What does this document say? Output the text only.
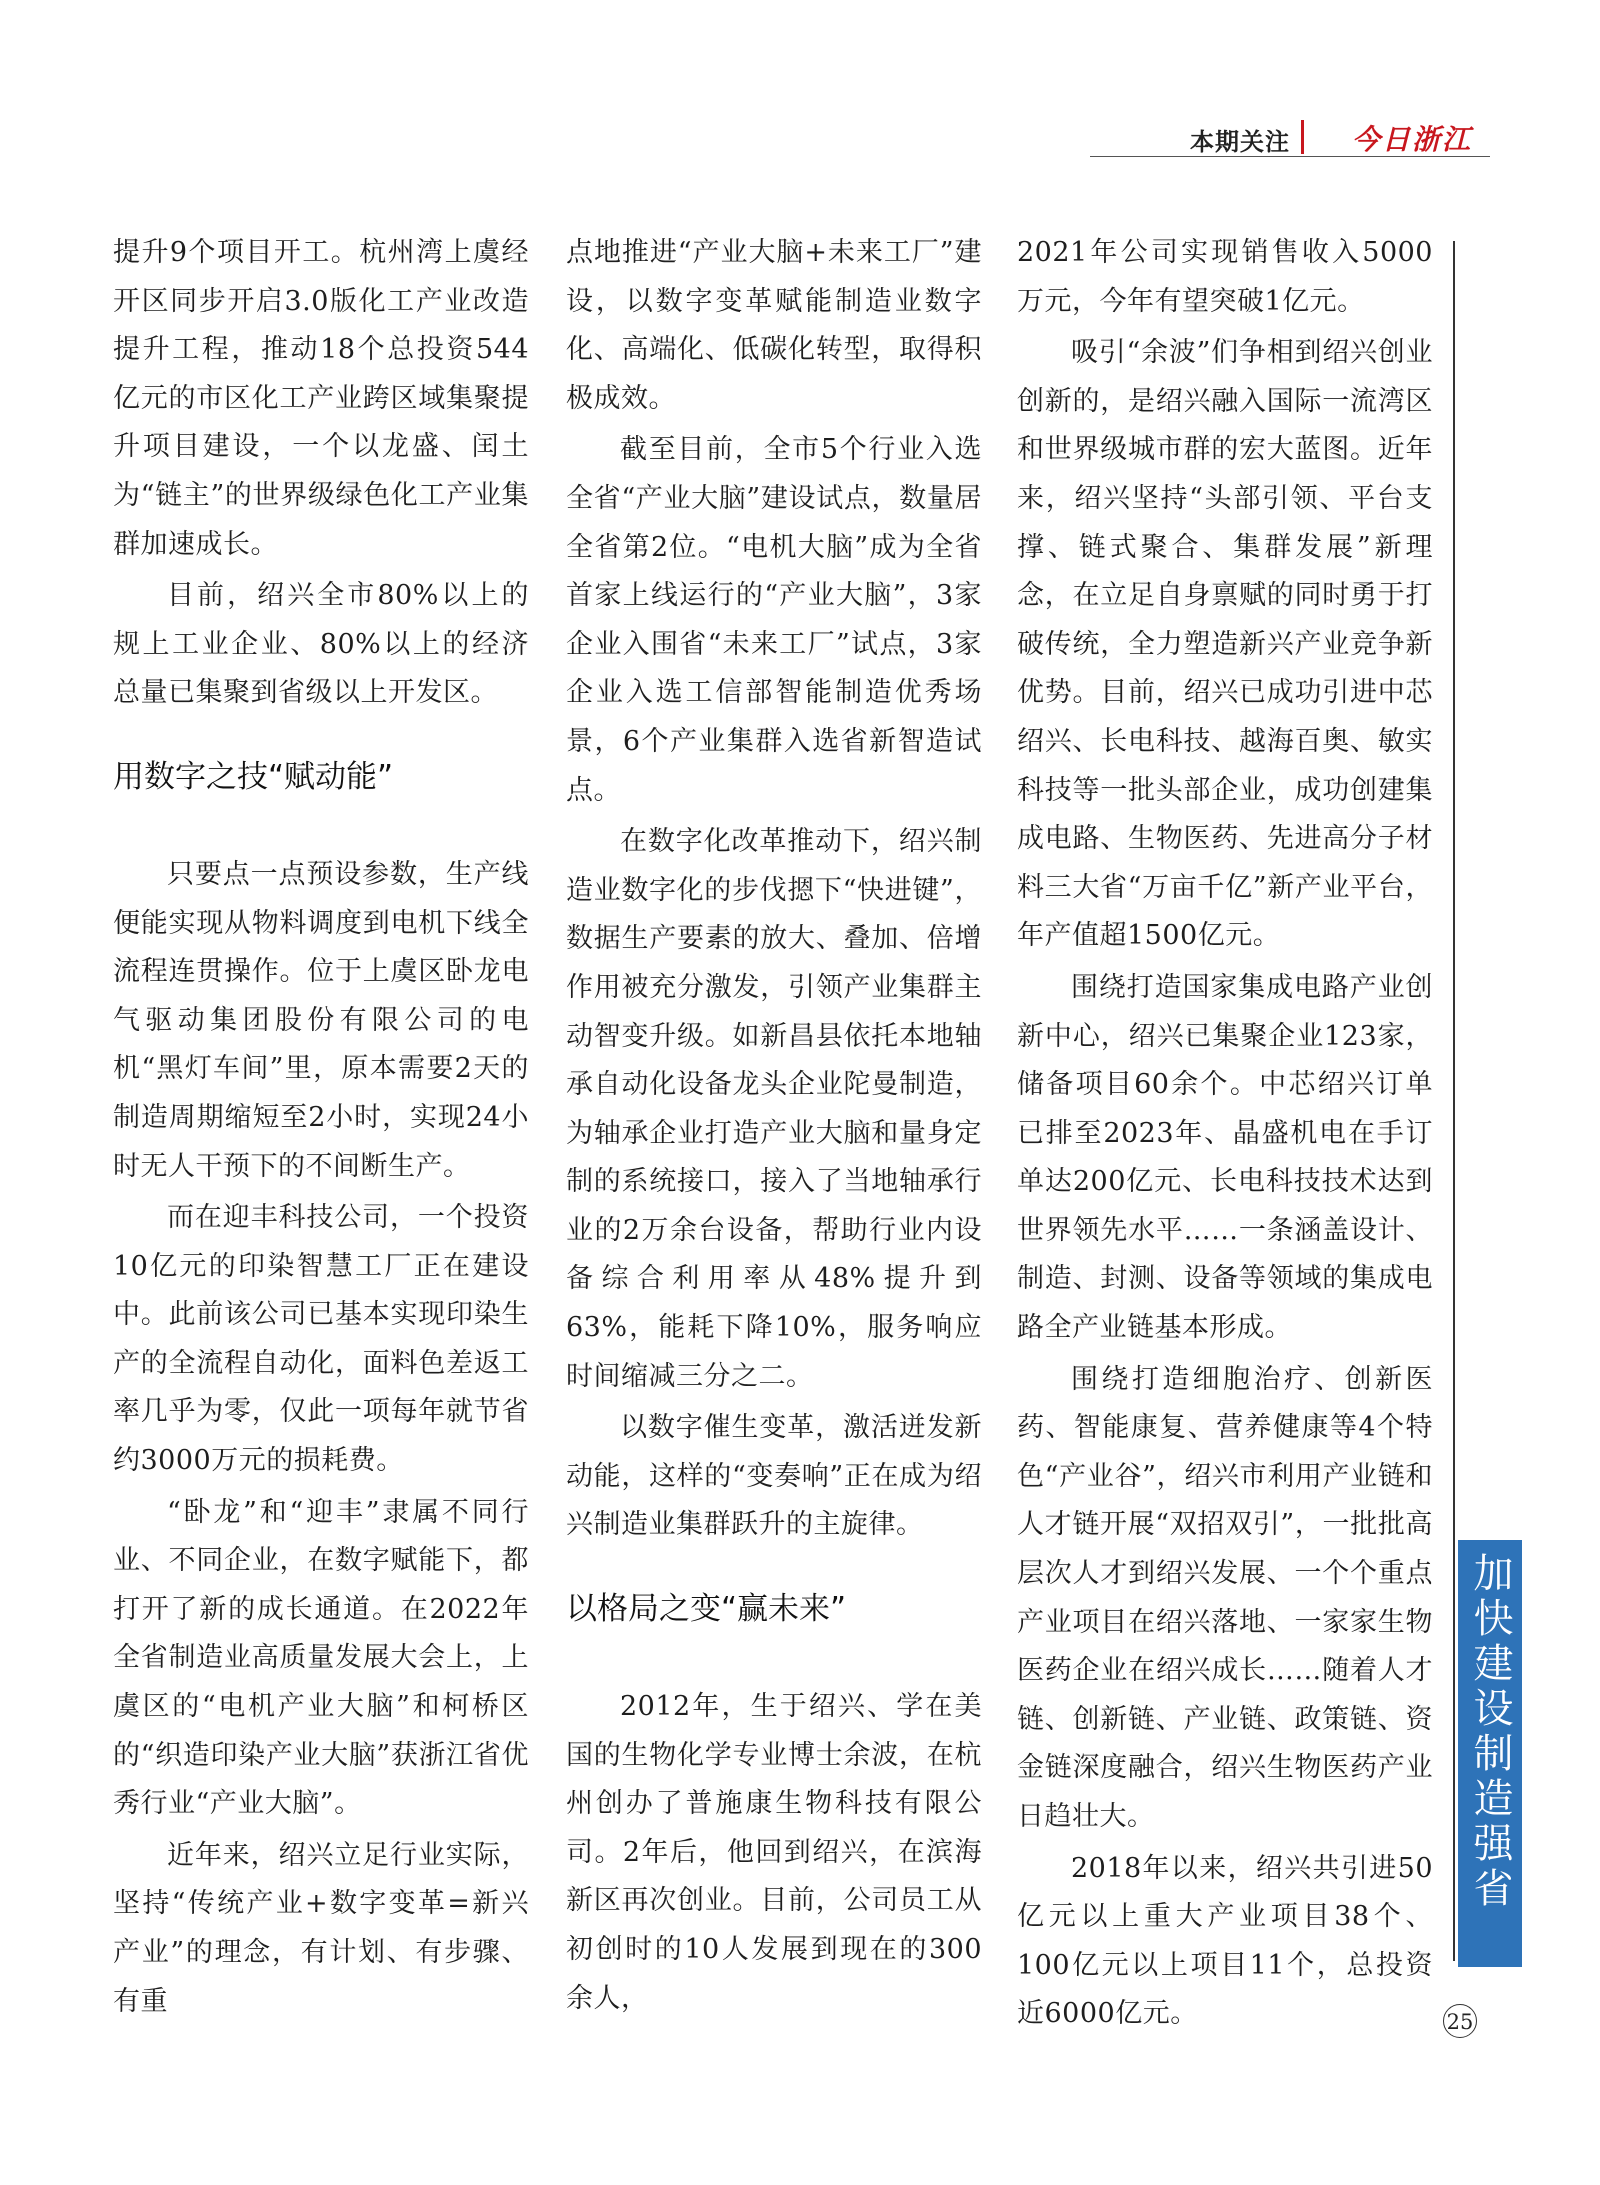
本期关注 今日浙江

提升9个项目开工。杭州湾上虞经开区同步开启3.0版化工产业改造提升工程，推动18个总投资544亿元的市区化工产业跨区域集聚提升项目建设，一个以龙盛、闰土为“链主”的世界级绿色化工产业集群加速成长。

目前，绍兴全市80%以上的规上工业企业、80%以上的经济总量已集聚到省级以上开发区。

用数字之技“赋动能”

只要点一点预设参数，生产线便能实现从物料调度到电机下线全流程连贯操作。位于上虞区卧龙电气驱动集团股份有限公司的电机“黑灯车间”里，原本需要2天的制造周期缩短至2小时，实现24小时无人干预下的不间断生产。

而在迎丰科技公司，一个投资10亿元的印染智慧工厂正在建设中。此前该公司已基本实现印染生产的全流程自动化，面料色差返工率几乎为零，仅此一项每年就节省约3000万元的损耗费。

“卧龙”和“迎丰”隶属不同行业、不同企业，在数字赋能下，都打开了新的成长通道。在2022年全省制造业高质量发展大会上，上虞区的“电机产业大脑”和柯桥区的“织造印染产业大脑”获浙江省优秀行业“产业大脑”。

近年来，绍兴立足行业实际，坚持“传统产业+数字变革=新兴产业”的理念，有计划、有步骤、有重

点地推进“产业大脑+未来工厂”建设，以数字变革赋能制造业数字化、高端化、低碳化转型，取得积极成效。

截至目前，全市5个行业入选全省“产业大脑”建设试点，数量居全省第2位。“电机大脑”成为全省首家上线运行的“产业大脑”，3家企业入围省“未来工厂”试点，3家企业入选工信部智能制造优秀场景，6个产业集群入选省新智造试点。

在数字化改革推动下，绍兴制造业数字化的步伐摁下“快进键”，数据生产要素的放大、叠加、倍增作用被充分激发，引领产业集群主动智变升级。如新昌县依托本地轴承自动化设备龙头企业陀曼制造，为轴承企业打造产业大脑和量身定制的系统接口，接入了当地轴承行业的2万余台设备，帮助行业内设备综合利用率从48%提升到63%，能耗下降10%，服务响应时间缩减三分之二。

以数字催生变革，激活迸发新动能，这样的“变奏响”正在成为绍兴制造业集群跃升的主旋律。

以格局之变“赢未来”

2012年，生于绍兴、学在美国的生物化学专业博士余波，在杭州创办了普施康生物科技有限公司。2年后，他回到绍兴，在滨海新区再次创业。目前，公司员工从初创时的10人发展到现在的300余人，

2021年公司实现销售收入5000万元，今年有望突破1亿元。

吸引“余波”们争相到绍兴创业创新的，是绍兴融入国际一流湾区和世界级城市群的宏大蓝图。近年来，绍兴坚持“头部引领、平台支撑、链式聚合、集群发展”新理念，在立足自身禀赋的同时勇于打破传统，全力塑造新兴产业竞争新优势。目前，绍兴已成功引进中芯绍兴、长电科技、越海百奥、敏实科技等一批头部企业，成功创建集成电路、生物医药、先进高分子材料三大省“万亩千亿”新产业平台，年产值超1500亿元。

围绕打造国家集成电路产业创新中心，绍兴已集聚企业123家，储备项目60余个。中芯绍兴订单已排至2023年、晶盛机电在手订单达200亿元、长电科技技术达到世界领先水平……一条涵盖设计、制造、封测、设备等领域的集成电路全产业链基本形成。

围绕打造细胞治疗、创新医药、智能康复、营养健康等4个特色“产业谷”，绍兴市利用产业链和人才链开展“双招双引”，一批批高层次人才到绍兴发展、一个个重点产业项目在绍兴落地、一家家生物医药企业在绍兴成长……随着人才链、创新链、产业链、政策链、资金链深度融合，绍兴生物医药产业日趋壮大。

2018年以来，绍兴共引进50亿元以上重大产业项目38个、100亿元以上项目11个，总投资近6000亿元。

加快建设制造强省
25
